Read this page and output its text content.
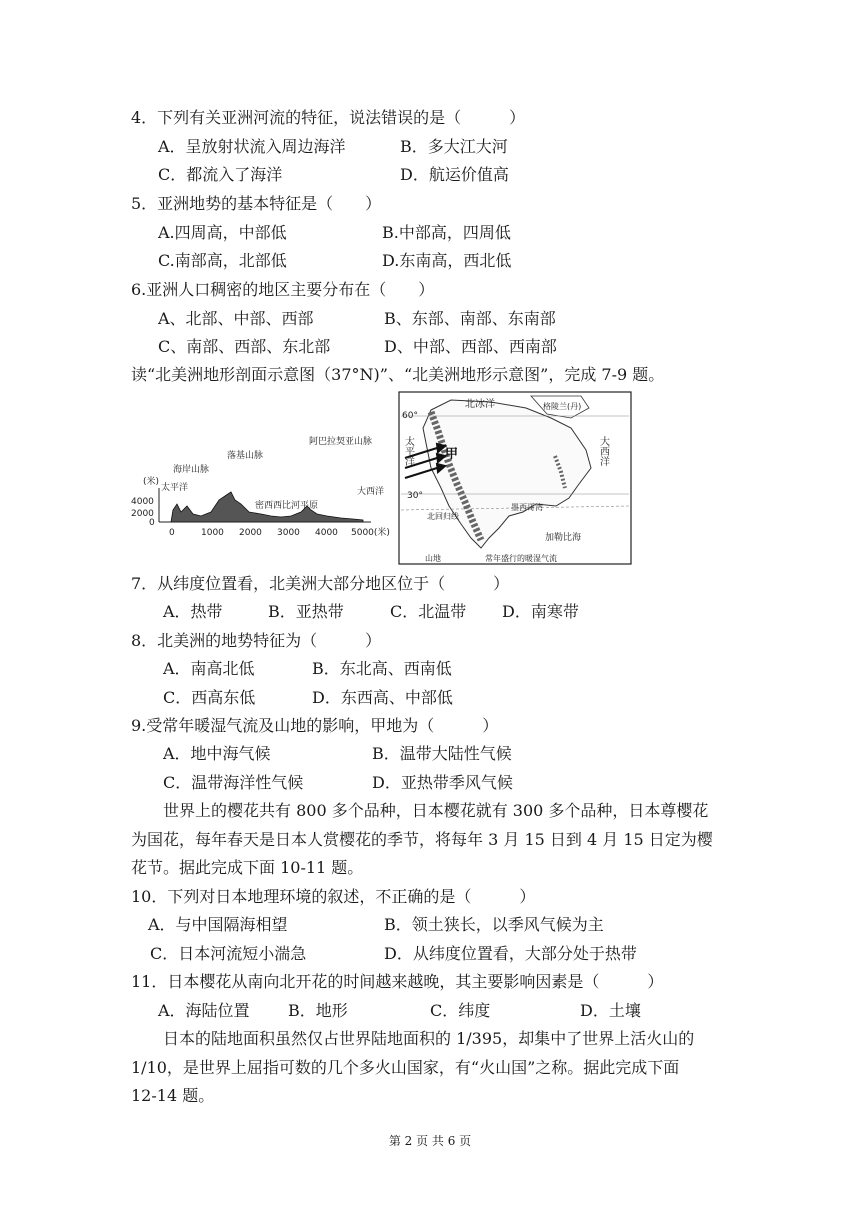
4．下列有关亚洲河流的特征，说法错误的是（　　　）
A．呈放射状流入周边海洋	B．多大江大河
C．都流入了海洋	D．航运价值高
5．亚洲地势的基本特征是（　　）
A.四周高，中部低	B.中部高，四周低
C.南部高，北部低	D.东南高，西北低
6.亚洲人口稠密的地区主要分布在（　　）
A、北部、中部、西部	B、东部、南部、东南部
C、南部、西部、东北部	D、中部、西部、西南部
读“北美洲地形剖面示意图（37°N)”、“北美洲地形示意图”，完成 7-9 题。
(米)
4000
2000
0
海岸山脉
太平洋
落基山脉
密西西比河平原
阿巴拉契亚山脉
大西洋
0	1000 2000 3000 4000 5000(米)
60°
30°
北冰洋	格陵兰(丹)
太平洋	大西洋
甲
北回归线
墨西哥湾
加勒比海
山地	常年盛行的暖湿气流
7．从纬度位置看，北美洲大部分地区位于（　　　）
A．热带	B．亚热带	C．北温带 D．南寒带
8．北美洲的地势特征为（　　　）
A．南高北低	B．东北高、西南低
C．西高东低	D．东西高、中部低
9.受常年暖湿气流及山地的影响，甲地为（　　　）
A．地中海气候	B．温带大陆性气候
C．温带海洋性气候	D．亚热带季风气候
世界上的樱花共有 800 多个品种，日本樱花就有 300 多个品种，日本尊樱花
为国花，每年春天是日本人赏樱花的季节，将每年 3 月 15 日到 4 月 15 日定为樱
花节。据此完成下面 10-11 题。
10．下列对日本地理环境的叙述，不正确的是（　　　）
A．与中国隔海相望	B．领土狭长，以季风气候为主
C．日本河流短小湍急	D．从纬度位置看，大部分处于热带
11．日本樱花从南向北开花的时间越来越晚，其主要影响因素是（　　　）
A．海陆位置 B．地形	C．纬度	D．土壤
日本的陆地面积虽然仅占世界陆地面积的 1/395，却集中了世界上活火山的
1/10，是世界上屈指可数的几个多火山国家，有“火山国”之称。据此完成下面
12-14 题。
第 2 页 共 6 页
